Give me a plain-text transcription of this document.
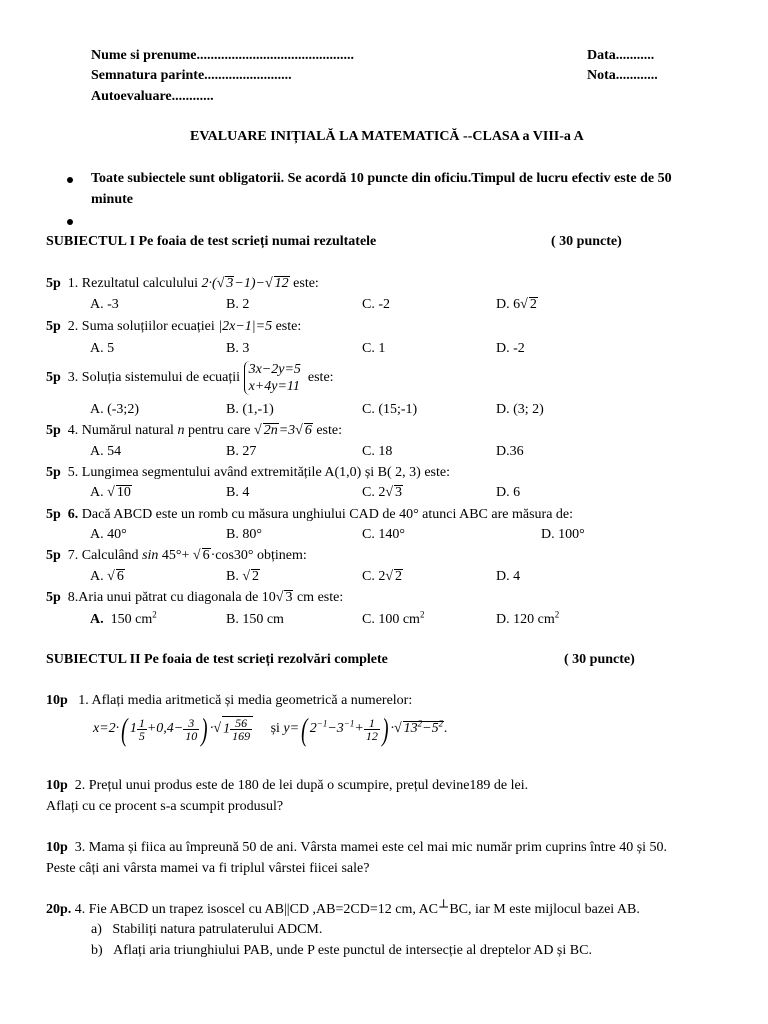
Nume si prenume.............................................
Semnatura parinte.........................
Autoevaluare............
Data...........
Nota............
EVALUARE INIȚIALĂ LA MATEMATICĂ --CLASA a VIII-a A
Toate subiectele sunt obligatorii. Se acordă 10 puncte din oficiu.Timpul de lucru efectiv este de 50
minute
SUBIECTUL I Pe foaia de test scrieți numai rezultatele	( 30 puncte)
5p 1. Rezultatul calculului 2·( √ 3−1)− √ 12 este:
A. -3	B. 2	C. -2	D. 6 √ 2
5p 2. Suma soluțiilor ecuației |2x−1|=5 este:
A. 5	B. 3	C. 1	D. -2
5p 3. Soluția sistemului de ecuații 3x−2y=5
x+4y=11  este:
A. (-3;2)	B. (1,-1)	C. (15;-1)	D. (3; 2)
5p 4. Numărul natural n pentru care √ 2n=3 √ 6 este:
A. 54	B. 27	C. 18	D.36
5p 5. Lungimea segmentului având extremitățile A(1,0) și B( 2, 3) este:
A. √ 10	B. 4	C. 2 √ 3	D. 6
5p 6. Dacă ABCD este un romb cu măsura unghiului CAD de 40° atunci ABC are măsura de:
A. 40°	B. 80°	C. 140°	D. 100°
5p 7. Calculând sin 45°+ √ 6·cos30° obținem:
A. √ 6	B. √ 2	C. 2 √ 2	D. 4
5p 8.Aria unui pătrat cu diagonala de 10 √ 3 cm este:
A. 150 $cm^2$	B. 150 cm	C. 100 $cm^2$	D. 120 $cm^2$
SUBIECTUL II Pe foaia de test scrieți rezolvări complete	( 30 puncte)
10p 1. Aflați media aritmetică și media geometrică a numerelor:
x=2·( $1 \frac{1}{5} +0,4- \frac{3}{10}$ ) · √ $1 \frac{56}{169}$ și y=( $2^{-1}-3^{-1}+ \frac{1}{12}$ ) · √ $13^2-5^2$.
10p 2. Prețul unui produs este de 180 de lei după o scumpire, prețul devine189 de lei.
Aflați cu ce procent s-a scumpit produsul?
10p 3. Mama și fiica au împreună 50 de ani. Vârsta mamei este cel mai mic număr prim cuprins între 40 și 50.
Peste câți ani vârsta mamei va fi triplul vârstei fiicei sale?
20p. 4. Fie ABCD un trapez isoscel cu AB||CD ,AB=2CD=12 cm, AC⊥BC, iar M este mijlocul bazei AB.
a) Stabiliți natura patrulaterului ADCM.
b) Aflați aria triunghiului PAB, unde P este punctul de intersecție al dreptelor AD și BC.
